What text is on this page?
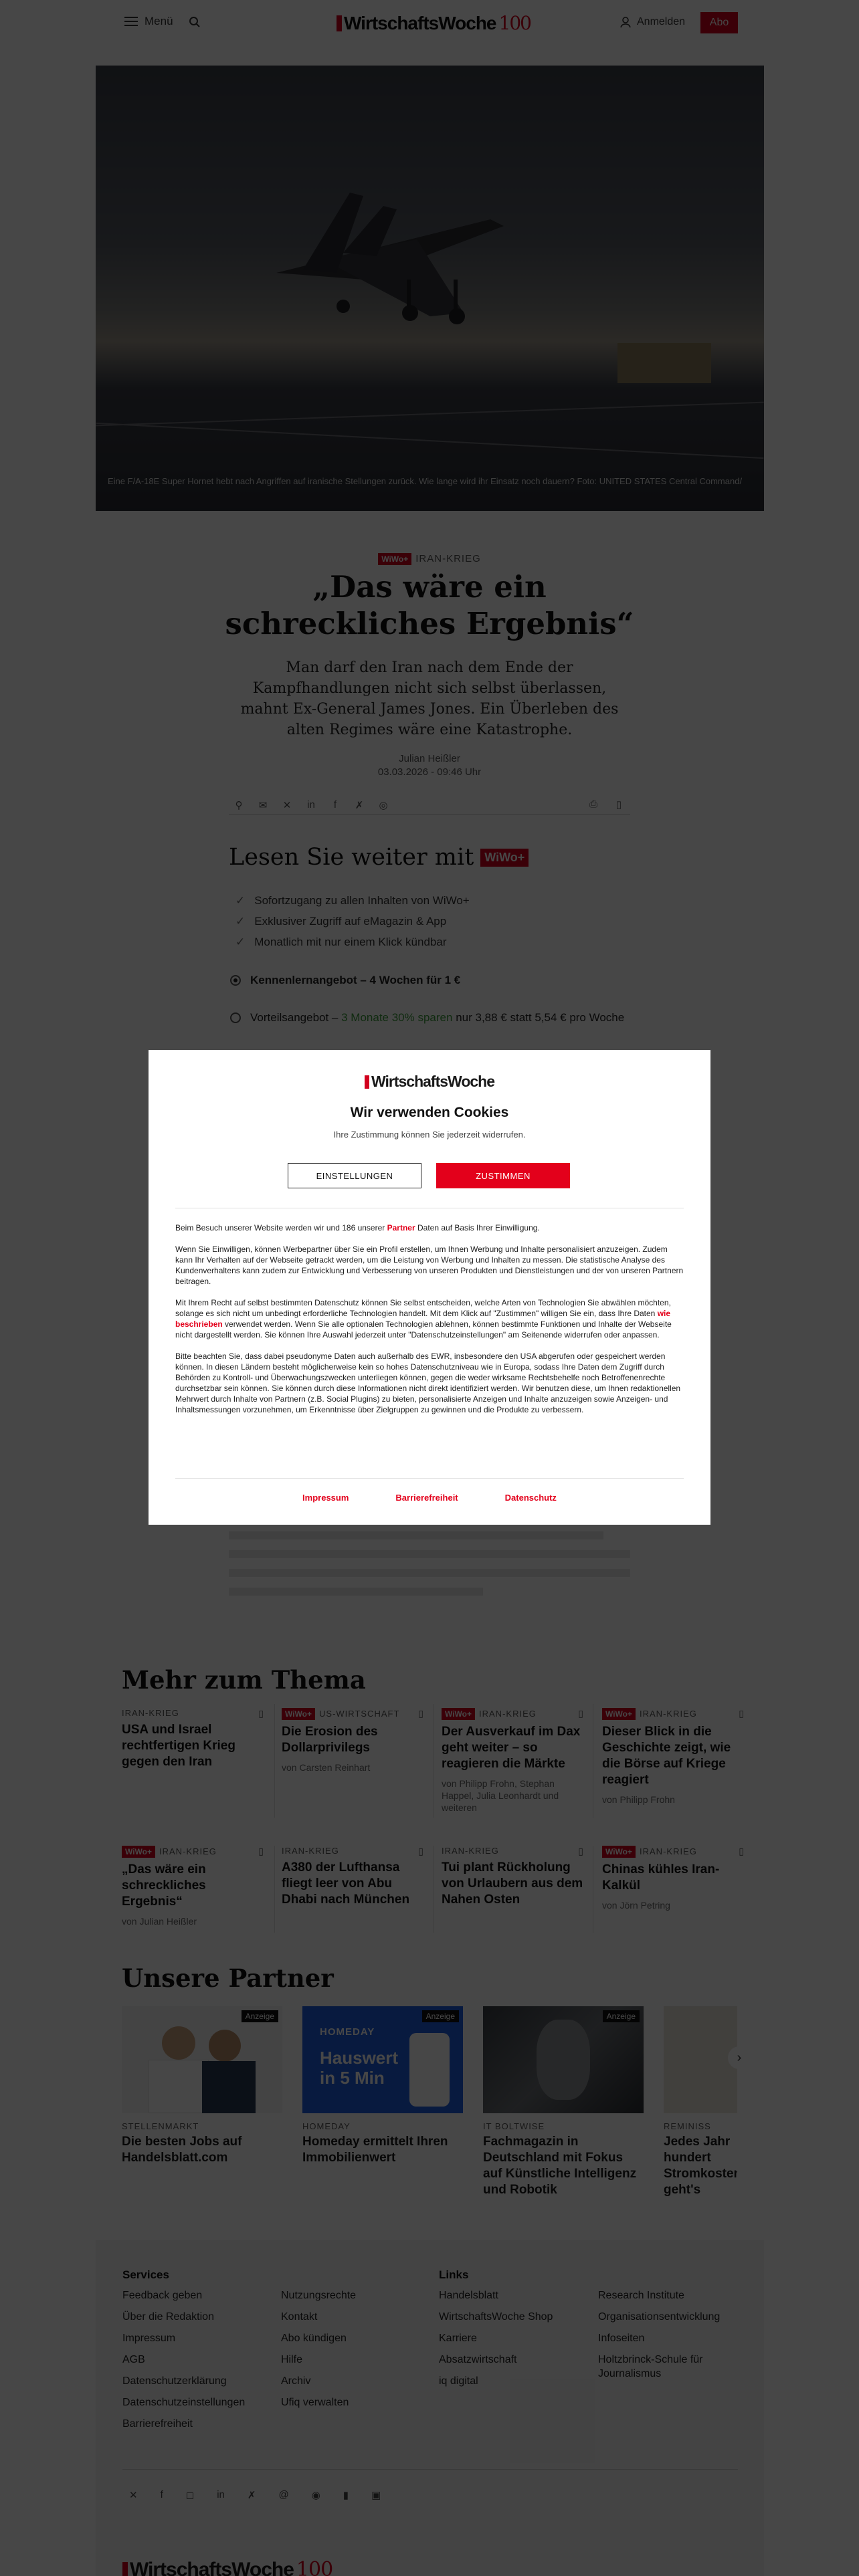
WirtschaftsWoche
Wir verwenden Cookies
Ihre Zustimmung können Sie jederzeit widerrufen.
EINSTELLUNGEN	ZUSTIMMEN

Beim Besuch unserer Website werden wir und 186 unserer Partner Daten auf Basis Ihrer Einwilligung.

Wenn Sie Einwilligen, können Werbepartner über Sie ein Profil erstellen, um Ihnen Werbung und Inhalte personalisiert anzuzeigen. Zudem kann Ihr Verhalten auf der Webseite getrackt werden, um die Leistung von Werbung und Inhalten zu messen. Die statistische Analyse des Kundenverhaltens kann zudem zur Entwicklung und Verbesserung von unseren Produkten und Dienstleistungen und der von unseren Partnern beitragen.

Mit Ihrem Recht auf selbst bestimmten Datenschutz können Sie selbst entscheiden, welche Arten von Technologien Sie abwählen möchten, solange es sich nicht um unbedingt erforderliche Technologien handelt. Mit dem Klick auf "Zustimmen" willigen Sie ein, dass Ihre Daten wie beschrieben verwendet werden. Wenn Sie alle optionalen Technologien ablehnen, können bestimmte Funktionen und Inhalte der Webseite nicht dargestellt werden. Sie können Ihre Auswahl jederzeit unter "Datenschutzeinstellungen" am Seitenende widerrufen oder anpassen.

Bitte beachten Sie, dass dabei pseudonyme Daten auch außerhalb des EWR, insbesondere den USA abgerufen oder gespeichert werden können. In diesen Ländern besteht möglicherweise kein so hohes Datenschutzniveau wie in Europa, sodass Ihre Daten dem Zugriff durch Behörden zu Kontroll- und Überwachungszwecken unterliegen können, gegen die weder wirksame Rechtsbehelfe noch Betroffenenrechte durchsetzbar sein können. Sie können durch diese Informationen nicht direkt identifiziert werden. Wir benutzen diese, um Ihnen redaktionellen Mehrwert durch Inhalte von Partnern (z.B. Social Plugins) zu bieten, personalisierte Anzeigen und Inhalte anzuzeigen sowie Anzeigen- und Inhaltsmessungen vorzunehmen, um Erkenntnisse über Zielgruppen zu gewinnen und die Produkte zu verbessern.

Impressum	Barrierefreiheit	Datenschutz
